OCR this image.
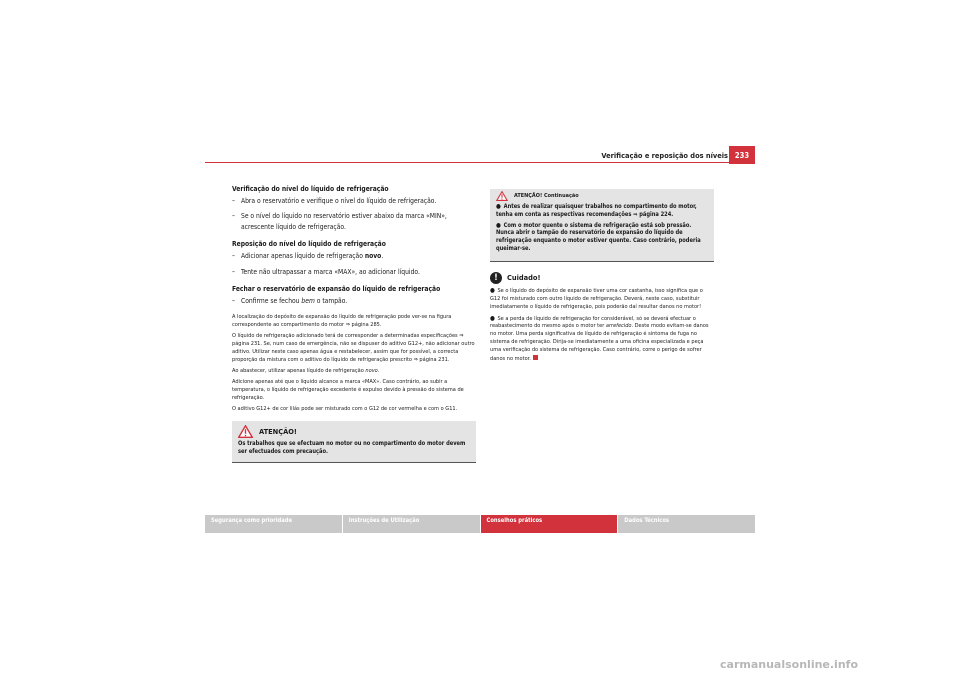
Verificação e reposição dos níveis 233
Verificação do nível do líquido de refrigeração

– Abra o reservatório e verifique o nível do líquido de refrigeração.

– Se o nível do líquido no reservatório estiver abaixo da marca «MIN», acrescente líquido de refrigeração.

Reposição do nível do líquido de refrigeração

– Adicionar apenas líquido de refrigeração novo.

– Tente não ultrapassar a marca «MAX», ao adicionar líquido.

Fechar o reservatório de expansão do líquido de refrigeração

– Confirme se fechou bem o tampão.

A localização do depósito de expansão do líquido de refrigeração pode ver-se na figura correspondente ao compartimento do motor ⇒ página 285.

O líquido de refrigeração adicionado terá de corresponder a determinadas especificações ⇒ página 231. Se, num caso de emergência, não se dispuser do aditivo G12+, não adicionar outro aditivo. Utilizar neste caso apenas água e restabelecer, assim que for possível, a correcta proporção da mistura com o aditivo do líquido de refrigeração prescrito ⇒ página 231.

Ao abastecer, utilizar apenas líquido de refrigeração novo.

Adicione apenas até que o líquido alcance a marca «MAX». Caso contrário, ao subir a temperatura, o líquido de refrigeração excedente é expulso devido à pressão do sistema de refrigeração.

O aditivo G12+ de cor lilás pode ser misturado com o G12 de cor vermelha e com o G11.

ATENÇÃO!
Os trabalhos que se efectuam no motor ou no compartimento do motor devem ser efectuados com precaução.
ATENÇÃO! Continuação

● Antes de realizar quaisquer trabalhos no compartimento do motor, tenha em conta as respectivas recomendações ⇒ página 224.

● Com o motor quente o sistema de refrigeração está sob pressão. Nunca abrir o tampão do reservatório de expansão do líquido de refrigeração enquanto o motor estiver quente. Caso contrário, poderia queimar-se.

!	Cuidado!

● Se o líquido do depósito de expansão tiver uma cor castanha, isso significa que o G12 foi misturado com outro líquido de refrigeração. Deverá, neste caso, substituir imediatamente o líquido de refrigeração, pois poderão daí resultar danos no motor!

● Se a perda de líquido de refrigeração for considerável, só se deverá efectuar o reabastecimento do mesmo após o motor ter arrefecido. Deste modo evitam-se danos no motor. Uma perda significativa de líquido de refrigeração é sintoma de fuga no sistema de refrigeração. Dirija-se imediatamente a uma oficina especializada e peça uma verificação do sistema de refrigeração. Caso contrário, corre o perigo de sofrer danos no motor.

Segurança como prioridade	Instruções de Utilização	Conselhos práticos	Dados Técnicos
carmanualsonline.info
